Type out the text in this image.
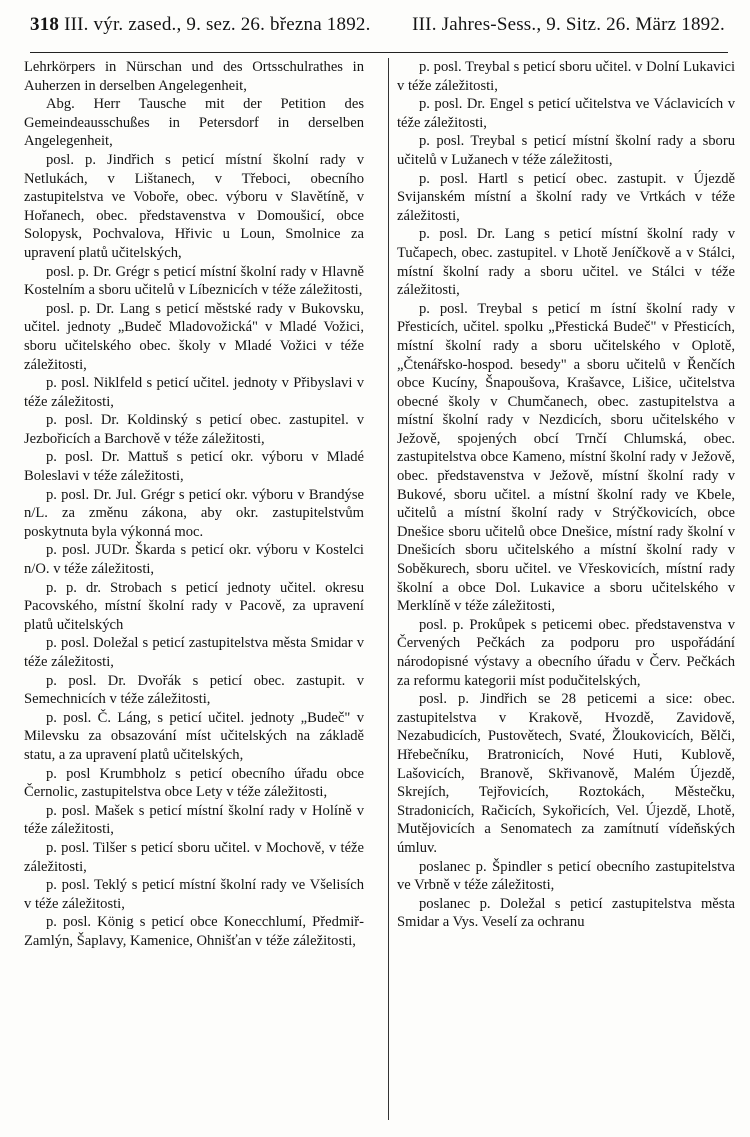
318 III. výr. zased., 9. sez. 26. března 1892. III. Jahres-Sess., 9. Sitz. 26. März 1892.

Lehrkörpers in Nürschan und des Ortsschulrathes in Auherzen in derselben Angelegenheit,

Abg. Herr Tausche mit der Petition des Gemeindeausschußes in Petersdorf in derselben Angelegenheit,

posl. p. Jindřich s peticí místní školní rady v Netlukách, v Lištanech, v Třeboci, obecního zastupitelstva ve Voboře, obec. výboru v Slavětíně, v Hořanech, obec. představenstva v Domoušicí, obce Solopysk, Pochvalova, Hřivic u Loun, Smolnice za upravení platů učitelských,

posl. p. Dr. Grégr s peticí místní školní rady v Hlavně Kostelním a sboru učitelů v Líbeznicích v téže záležitosti,

posl. p. Dr. Lang s peticí městské rady v Bukovsku, učitel. jednoty „Budeč Mladovožická" v Mladé Vožici, sboru učitelského obec. školy v Mladé Vožici v téže záležitosti,

p. posl. Niklfeld s peticí učitel. jednoty v Přibyslavi v téže záležitosti,

p. posl. Dr. Koldinský s peticí obec. zastupitel. v Jezbořicích a Barchově v téže záležitosti,

p. posl. Dr. Mattuš s peticí okr. výboru v Mladé Boleslavi v téže záležitosti,

p. posl. Dr. Jul. Grégr s peticí okr. výboru v Brandýse n/L. za změnu zákona, aby okr. zastupitelstvům poskytnuta byla výkonná moc.

p. posl. JUDr. Škarda s peticí okr. výboru v Kostelci n/O. v téže záležitosti,

p. p. dr. Strobach s peticí jednoty učitel. okresu Pacovského, místní školní rady v Pacově, za upravení platů učitelských

p. posl. Doležal s peticí zastupitelstva města Smidar v téže záležitosti,

p. posl. Dr. Dvořák s peticí obec. zastupit. v Semechnicích v téže záležitosti,

p. posl. Č. Láng, s peticí učitel. jednoty „Budeč" v Milevsku za obsazování míst učitelských na základě statu, a za upravení platů učitelských,

p. posl Krumbholz s peticí obecního úřadu obce Černolic, zastupitelstva obce Lety v téže záležitosti,

p. posl. Mašek s peticí místní školní rady v Holíně v téže záležitosti,

p. posl. Tilšer s peticí sboru učitel. v Mochově, v téže záležitosti,

p. posl. Teklý s peticí místní školní rady ve Všelisích v téže záležitosti,

p. posl. König s peticí obce Konecchlumí, Předmiř-Zamlýn, Šaplavy, Kamenice, Ohnišťan v téže záležitosti,

p. posl. Treybal s peticí sboru učitel. v Dolní Lukavici v téže záležitosti,

p. posl. Dr. Engel s peticí učitelstva ve Václavicích v téže záležitosti,

p. posl. Treybal s peticí místní školní rady a sboru učitelů v Lužanech v téže záležitosti,

p. posl. Hartl s peticí obec. zastupit. v Újezdě Svijanském místní a školní rady ve Vrtkách v téže záležitosti,

p. posl. Dr. Lang s peticí místní školní rady v Tučapech, obec. zastupitel. v Lhotě Jeníčkově a v Stálci, místní školní rady a sboru učitel. ve Stálci v téže záležitosti,

p. posl. Treybal s peticí m ístní školní rady v Přesticích, učitel. spolku „Přestická Budeč" v Přesticích, místní školní rady a sboru učitelského v Oplotě, „Čtenářsko-hospod. besedy" a sboru učitelů v Řenčích obce Kucíny, Šnapoušova, Krašavce, Lišice, učitelstva obecné školy v Chumčanech, obec. zastupitelstva a místní školní rady v Nezdicích, sboru učitelského v Ježově, spojených obcí Trnčí Chlumská, obec. zastupitelstva obce Kameno, místní školní rady v Ježově, obec. představenstva v Ježově, místní školní rady v Bukové, sboru učitel. a místní školní rady ve Kbele, učitelů a místní školní rady v Strýčkovicích, obce Dnešice sboru učitelů obce Dnešice, místní rady školní v Dnešicích sboru učitelského a místní školní rady v Soběkurech, sboru učitel. ve Vřeskovicích, místní rady školní a obce Dol. Lukavice a sboru učitelského v Merklíně v téže záležitosti,

posl. p. Prokůpek s peticemi obec. představenstva v Červených Pečkách za podporu pro uspořádání národopisné výstavy a obecního úřadu v Červ. Pečkách za reformu kategorii míst podučitelských,

posl. p. Jindřich se 28 peticemi a sice: obec. zastupitelstva v Krakově, Hvozdě, Zavidově, Nezabudicích, Pustovětech, Svaté, Žloukovicích, Bělči, Hřebečníku, Bratronicích, Nové Huti, Kublově, Lašovicích, Branově, Skřivanově, Malém Újezdě, Skrejích, Tejřovicích, Roztokách, Městečku, Stradonicích, Račicích, Sykořicích, Vel. Újezdě, Lhotě, Mutějovicích a Senomatech za zamítnutí vídeňských úmluv.

poslanec p. Špindler s peticí obecního zastupitelstva ve Vrbně v téže záležitosti,

poslanec p. Doležal s peticí zastupitelstva města Smidar a Vys. Veselí za ochranu
